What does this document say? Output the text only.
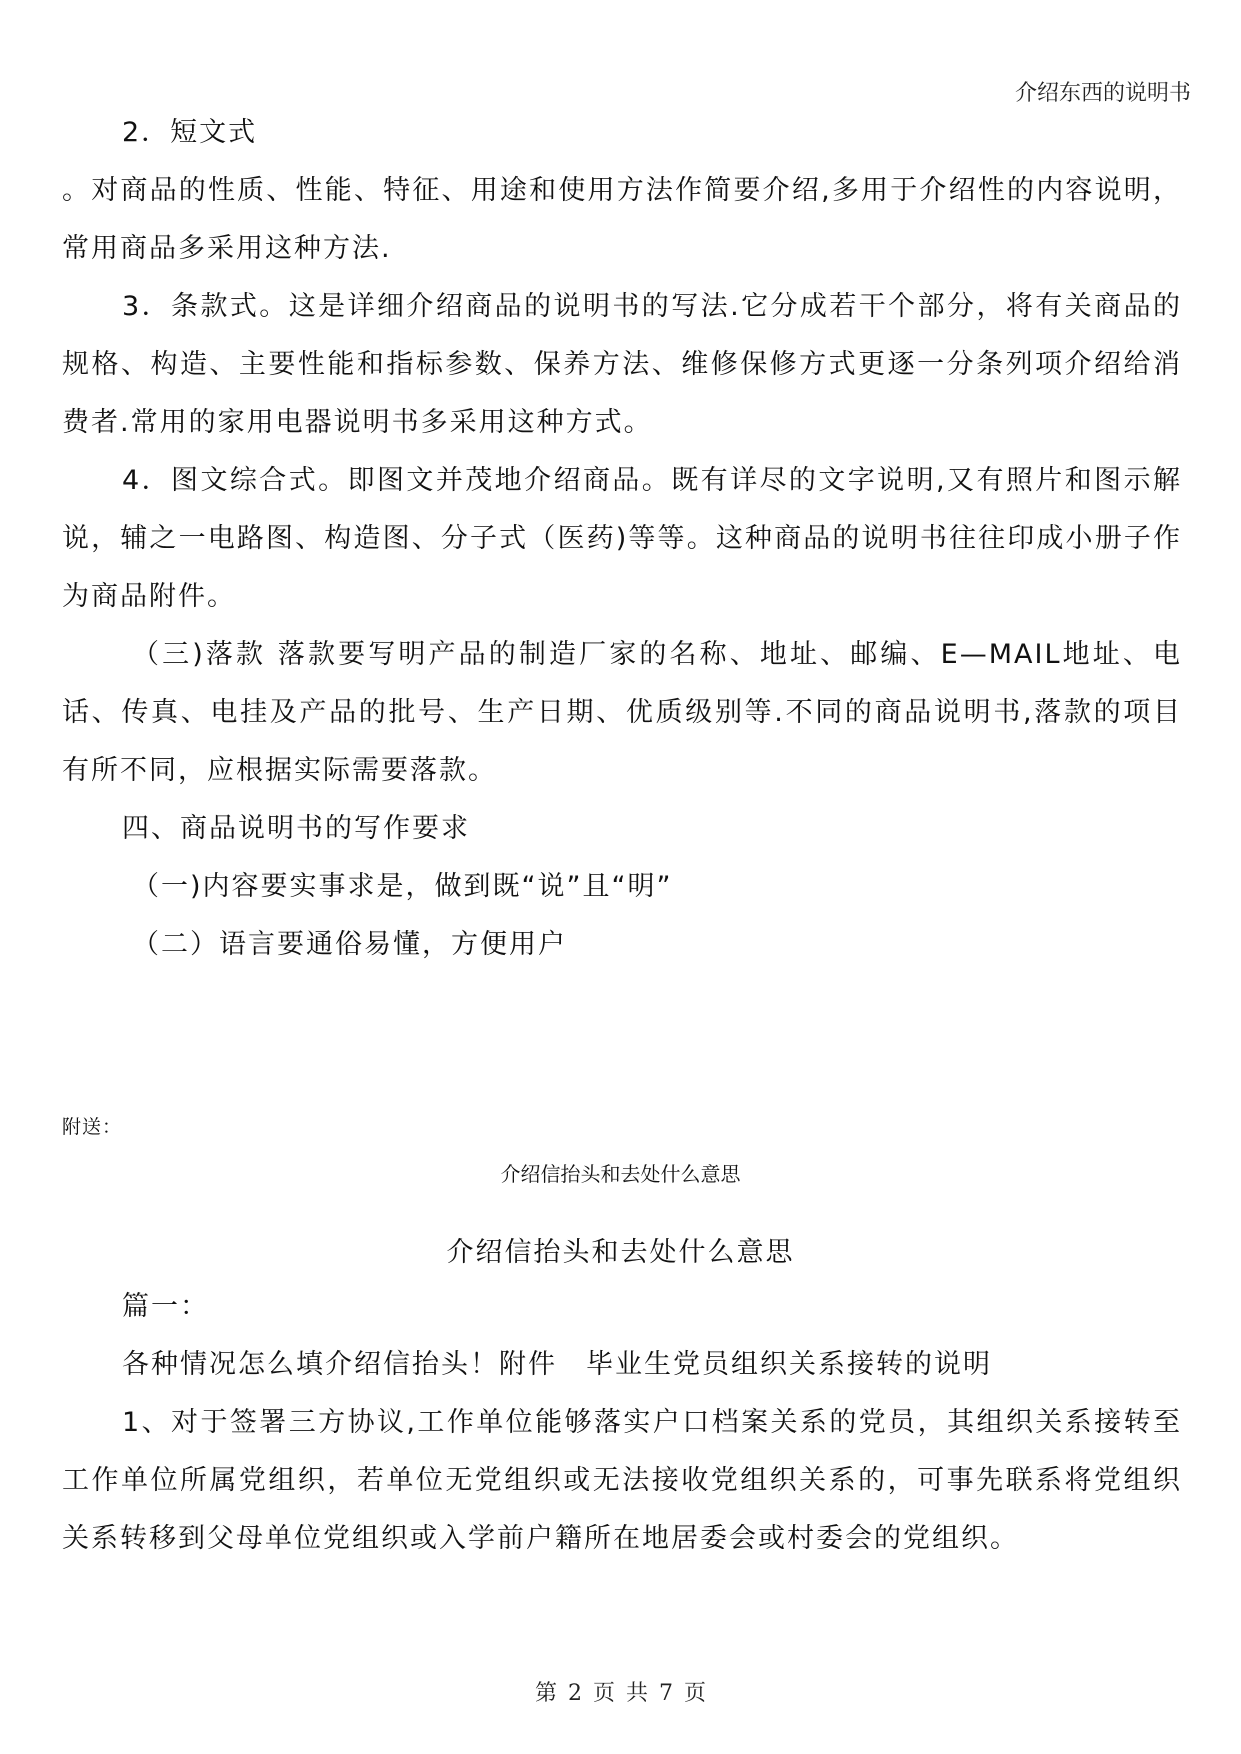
介绍东西的说明书

2．短文式

。对商品的性质、性能、特征、用途和使用方法作简要介绍,多用于介绍性的内容说明，常用商品多采用这种方法.

3．条款式。这是详细介绍商品的说明书的写法.它分成若干个部分，将有关商品的规格、构造、主要性能和指标参数、保养方法、维修保修方式更逐一分条列项介绍给消费者.常用的家用电器说明书多采用这种方式。

4．图文综合式。即图文并茂地介绍商品。既有详尽的文字说明,又有照片和图示解说，辅之一电路图、构造图、分子式（医药)等等。这种商品的说明书往往印成小册子作为商品附件。

（三)落款 落款要写明产品的制造厂家的名称、地址、邮编、E—MAIL地址、电话、传真、电挂及产品的批号、生产日期、优质级别等.不同的商品说明书,落款的项目有所不同，应根据实际需要落款。

四、商品说明书的写作要求

（一)内容要实事求是，做到既“说”且“明”

（二）语言要通俗易懂，方便用户

附送：
介绍信抬头和去处什么意思
介绍信抬头和去处什么意思

篇一：

各种情况怎么填介绍信抬头！附件　毕业生党员组织关系接转的说明

1、对于签署三方协议,工作单位能够落实户口档案关系的党员，其组织关系接转至工作单位所属党组织，若单位无党组织或无法接收党组织关系的，可事先联系将党组织关系转移到父母单位党组织或入学前户籍所在地居委会或村委会的党组织。

第 2 页 共 7 页
